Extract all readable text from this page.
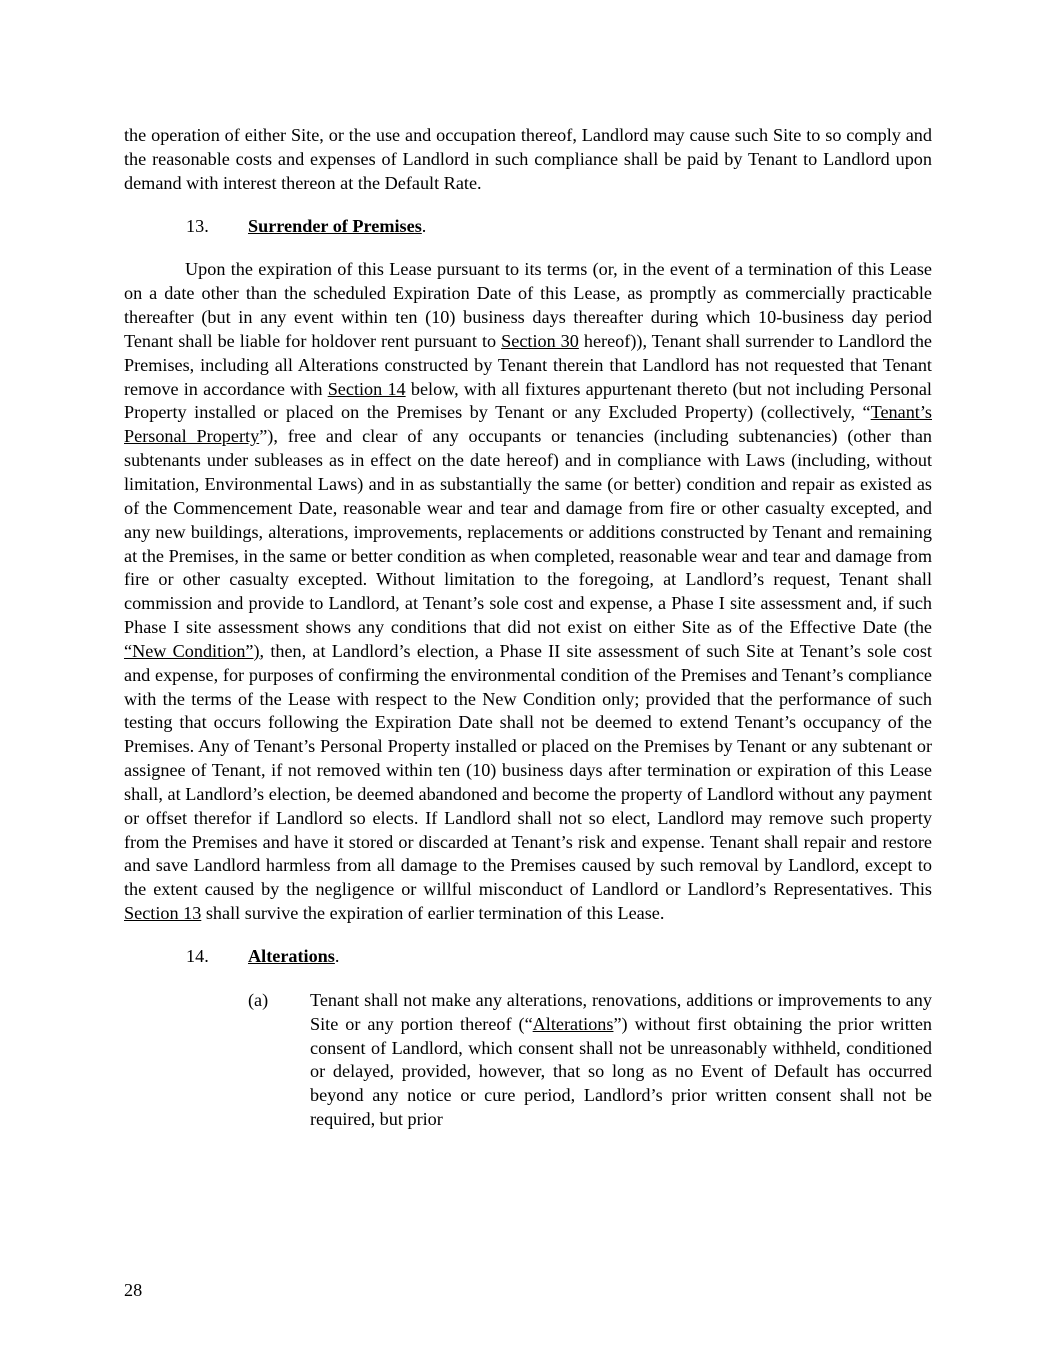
the operation of either Site, or the use and occupation thereof, Landlord may cause such Site to so comply and the reasonable costs and expenses of Landlord in such compliance shall be paid by Tenant to Landlord upon demand with interest thereon at the Default Rate.

13. Surrender of Premises.

Upon the expiration of this Lease pursuant to its terms (or, in the event of a termination of this Lease on a date other than the scheduled Expiration Date of this Lease, as promptly as commercially practicable thereafter (but in any event within ten (10) business days thereafter during which 10-business day period Tenant shall be liable for holdover rent pursuant to Section 30 hereof)), Tenant shall surrender to Landlord the Premises, including all Alterations constructed by Tenant therein that Landlord has not requested that Tenant remove in accordance with Section 14 below, with all fixtures appurtenant thereto (but not including Personal Property installed or placed on the Premises by Tenant or any Excluded Property) (collectively, “Tenant’s Personal Property”), free and clear of any occupants or tenancies (including subtenancies) (other than subtenants under subleases as in effect on the date hereof) and in compliance with Laws (including, without limitation, Environmental Laws) and in as substantially the same (or better) condition and repair as existed as of the Commencement Date, reasonable wear and tear and damage from fire or other casualty excepted, and any new buildings, alterations, improvements, replacements or additions constructed by Tenant and remaining at the Premises, in the same or better condition as when completed, reasonable wear and tear and damage from fire or other casualty excepted. Without limitation to the foregoing, at Landlord’s request, Tenant shall commission and provide to Landlord, at Tenant’s sole cost and expense, a Phase I site assessment and, if such Phase I site assessment shows any conditions that did not exist on either Site as of the Effective Date (the “New Condition”), then, at Landlord’s election, a Phase II site assessment of such Site at Tenant’s sole cost and expense, for purposes of confirming the environmental condition of the Premises and Tenant’s compliance with the terms of the Lease with respect to the New Condition only; provided that the performance of such testing that occurs following the Expiration Date shall not be deemed to extend Tenant’s occupancy of the Premises. Any of Tenant’s Personal Property installed or placed on the Premises by Tenant or any subtenant or assignee of Tenant, if not removed within ten (10) business days after termination or expiration of this Lease shall, at Landlord’s election, be deemed abandoned and become the property of Landlord without any payment or offset therefor if Landlord so elects. If Landlord shall not so elect, Landlord may remove such property from the Premises and have it stored or discarded at Tenant’s risk and expense. Tenant shall repair and restore and save Landlord harmless from all damage to the Premises caused by such removal by Landlord, except to the extent caused by the negligence or willful misconduct of Landlord or Landlord’s Representatives. This Section 13 shall survive the expiration of earlier termination of this Lease.

14. Alterations.

(a) Tenant shall not make any alterations, renovations, additions or improvements to any Site or any portion thereof (“Alterations”) without first obtaining the prior written consent of Landlord, which consent shall not be unreasonably withheld, conditioned or delayed, provided, however, that so long as no Event of Default has occurred beyond any notice or cure period, Landlord’s prior written consent shall not be required, but prior

28
